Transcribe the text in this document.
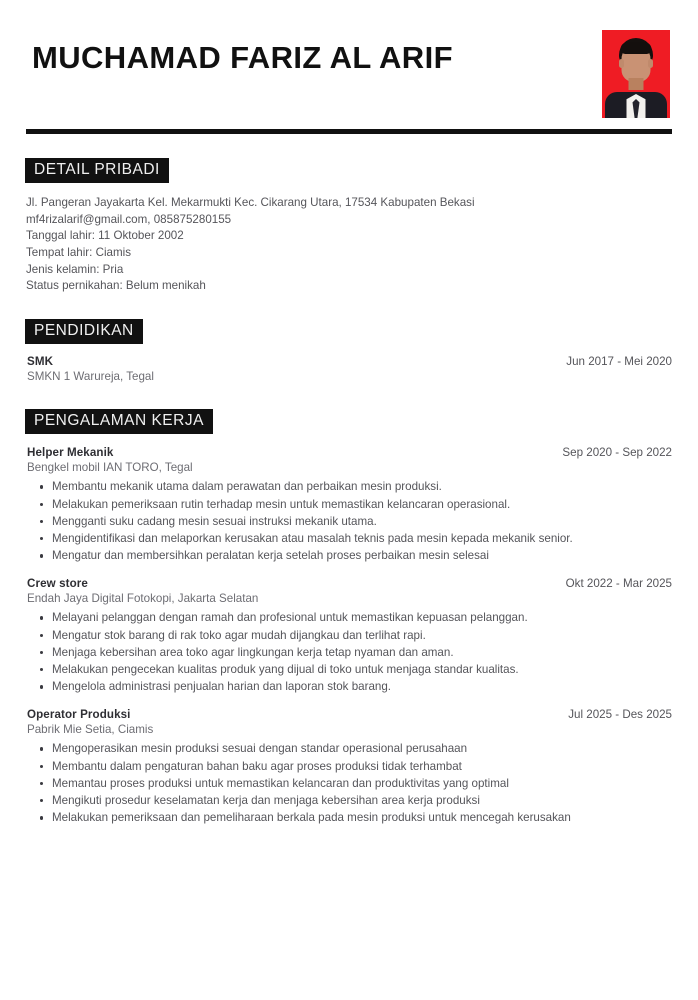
MUCHAMAD FARIZ AL ARIF
DETAIL PRIBADI
Jl. Pangeran Jayakarta Kel. Mekarmukti Kec. Cikarang Utara, 17534 Kabupaten Bekasi
mf4rizalarif@gmail.com, 085875280155
Tanggal lahir: 11 Oktober 2002
Tempat lahir: Ciamis
Jenis kelamin: Pria
Status pernikahan: Belum menikah
PENDIDIKAN
SMK	Jun 2017 - Mei 2020
SMKN 1 Warureja, Tegal
PENGALAMAN KERJA
Helper Mekanik	Sep 2020 - Sep 2022
Bengkel mobil IAN TORO, Tegal
Membantu mekanik utama dalam perawatan dan perbaikan mesin produksi.
Melakukan pemeriksaan rutin terhadap mesin untuk memastikan kelancaran operasional.
Mengganti suku cadang mesin sesuai instruksi mekanik utama.
Mengidentifikasi dan melaporkan kerusakan atau masalah teknis pada mesin kepada mekanik senior.
Mengatur dan membersihkan peralatan kerja setelah proses perbaikan mesin selesai
Crew store	Okt 2022 - Mar 2025
Endah Jaya Digital Fotokopi, Jakarta Selatan
Melayani pelanggan dengan ramah dan profesional untuk memastikan kepuasan pelanggan.
Mengatur stok barang di rak toko agar mudah dijangkau dan terlihat rapi.
Menjaga kebersihan area toko agar lingkungan kerja tetap nyaman dan aman.
Melakukan pengecekan kualitas produk yang dijual di toko untuk menjaga standar kualitas.
Mengelola administrasi penjualan harian dan laporan stok barang.
Operator Produksi	Jul 2025 - Des 2025
Pabrik Mie Setia, Ciamis
Mengoperasikan mesin produksi sesuai dengan standar operasional perusahaan
Membantu dalam pengaturan bahan baku agar proses produksi tidak terhambat
Memantau proses produksi untuk memastikan kelancaran dan produktivitas yang optimal
Mengikuti prosedur keselamatan kerja dan menjaga kebersihan area kerja produksi
Melakukan pemeriksaan dan pemeliharaan berkala pada mesin produksi untuk mencegah kerusakan
